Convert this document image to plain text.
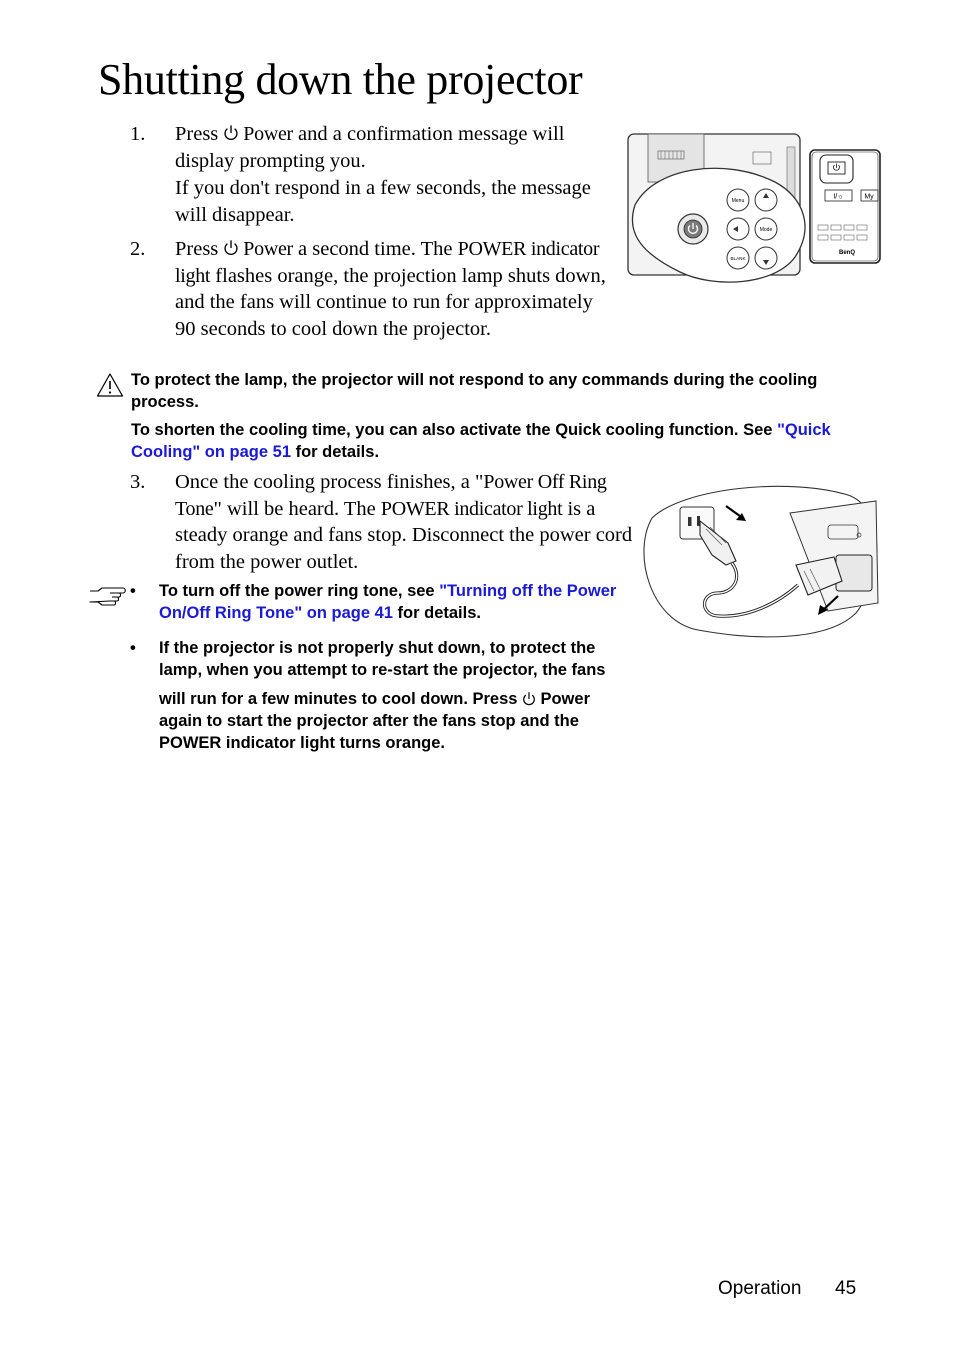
Shutting down the projector
1.	Press Power and a confirmation message will display prompting you.
If you don't respond in a few seconds, the message will disappear.
2.	Press Power a second time. The POWER indicator light flashes orange, the projection lamp shuts down, and the fans will continue to run for approximately 90 seconds to cool down the projector.
Menu
Mode
BLANK
I/☼	My
BenQ
To protect the lamp, the projector will not respond to any commands during the cooling process.
To shorten the cooling time, you can also activate the Quick cooling function. See "Quick Cooling" on page 51 for details.
3.	Once the cooling process finishes, a "Power Off Ring Tone" will be heard. The POWER indicator light is a steady orange and fans stop. Disconnect the power cord from the power outlet.
• To turn off the power ring tone, see "Turning off the Power On/Off Ring Tone" on page 41 for details.
• If the projector is not properly shut down, to protect the lamp, when you attempt to re-start the projector, the fans
will run for a few minutes to cool down. Press Power again to start the projector after the fans stop and the POWER indicator light turns orange.
Operation 45
